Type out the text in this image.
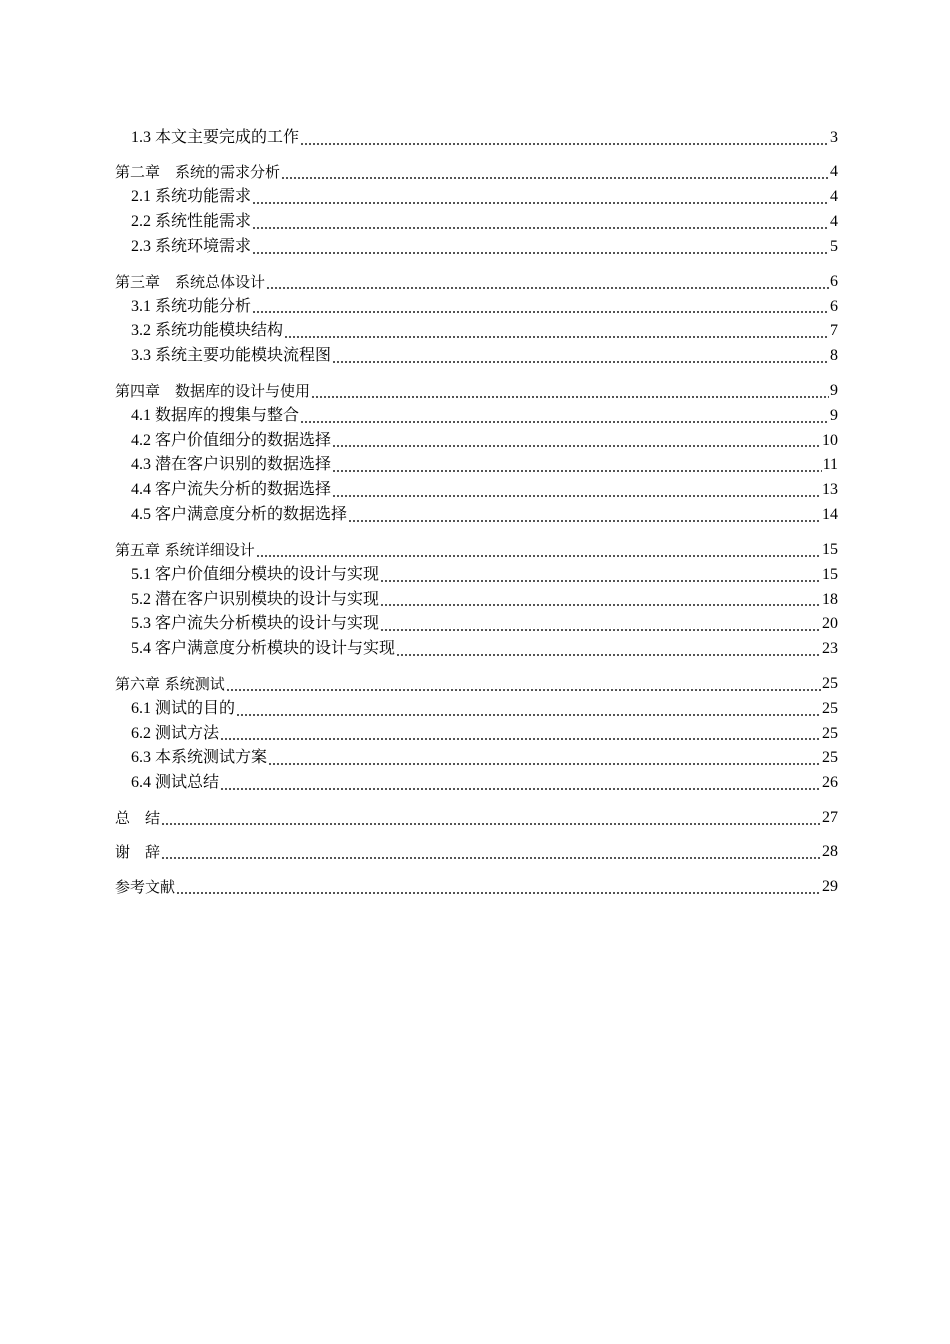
1.3 本文主要完成的工作	3
第二章　系统的需求分析	4
2.1 系统功能需求	4
2.2 系统性能需求	4
2.3 系统环境需求	5
第三章　系统总体设计	6
3.1 系统功能分析	6
3.2 系统功能模块结构	7
3.3 系统主要功能模块流程图	8
第四章　数据库的设计与使用	9
4.1 数据库的搜集与整合	9
4.2 客户价值细分的数据选择	10
4.3 潜在客户识别的数据选择	11
4.4 客户流失分析的数据选择	13
4.5 客户满意度分析的数据选择	14
第五章 系统详细设计	15
5.1 客户价值细分模块的设计与实现	15
5.2 潜在客户识别模块的设计与实现	18
5.3 客户流失分析模块的设计与实现	20
5.4 客户满意度分析模块的设计与实现	23
第六章 系统测试	25
6.1 测试的目的	25
6.2 测试方法	25
6.3 本系统测试方案	25
6.4 测试总结	26
总　结	27
谢　辞	28
参考文献	29
